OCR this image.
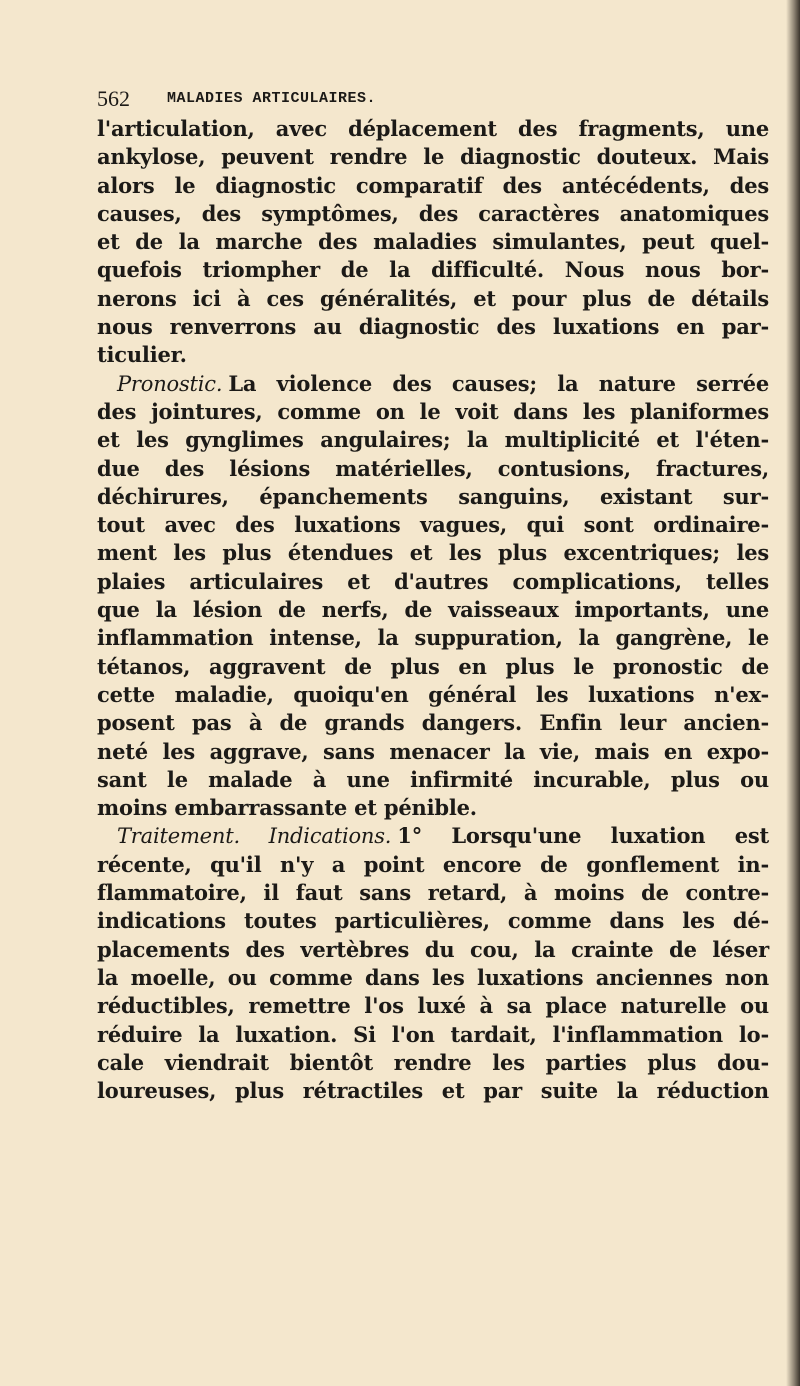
562 MALADIES ARTICULAIRES.
l'articulation, avec déplacement des fragments, une
ankylose, peuvent rendre le diagnostic douteux. Mais
alors le diagnostic comparatif des antécédents, des
causes, des symptômes, des caractères anatomiques
et de la marche des maladies simulantes, peut quel-
quefois triompher de la difficulté. Nous nous bor-
nerons ici à ces généralités, et pour plus de détails
nous renverrons au diagnostic des luxations en par-
ticulier.
Pronostic. La violence des causes; la nature serrée
des jointures, comme on le voit dans les planiformes
et les gynglimes angulaires; la multiplicité et l'éten-
due des lésions matérielles, contusions, fractures,
déchirures, épanchements sanguins, existant sur-
tout avec des luxations vagues, qui sont ordinaire-
ment les plus étendues et les plus excentriques; les
plaies articulaires et d'autres complications, telles
que la lésion de nerfs, de vaisseaux importants, une
inflammation intense, la suppuration, la gangrène, le
tétanos, aggravent de plus en plus le pronostic de
cette maladie, quoiqu'en général les luxations n'ex-
posent pas à de grands dangers. Enfin leur ancien-
neté les aggrave, sans menacer la vie, mais en expo-
sant le malade à une infirmité incurable, plus ou
moins embarrassante et pénible.
Traitement. Indications. 1° Lorsqu'une luxation est
récente, qu'il n'y a point encore de gonflement in-
flammatoire, il faut sans retard, à moins de contre-
indications toutes particulières, comme dans les dé-
placements des vertèbres du cou, la crainte de léser
la moelle, ou comme dans les luxations anciennes non
réductibles, remettre l'os luxé à sa place naturelle ou
réduire la luxation. Si l'on tardait, l'inflammation lo-
cale viendrait bientôt rendre les parties plus dou-
loureuses, plus rétractiles et par suite la réduction
